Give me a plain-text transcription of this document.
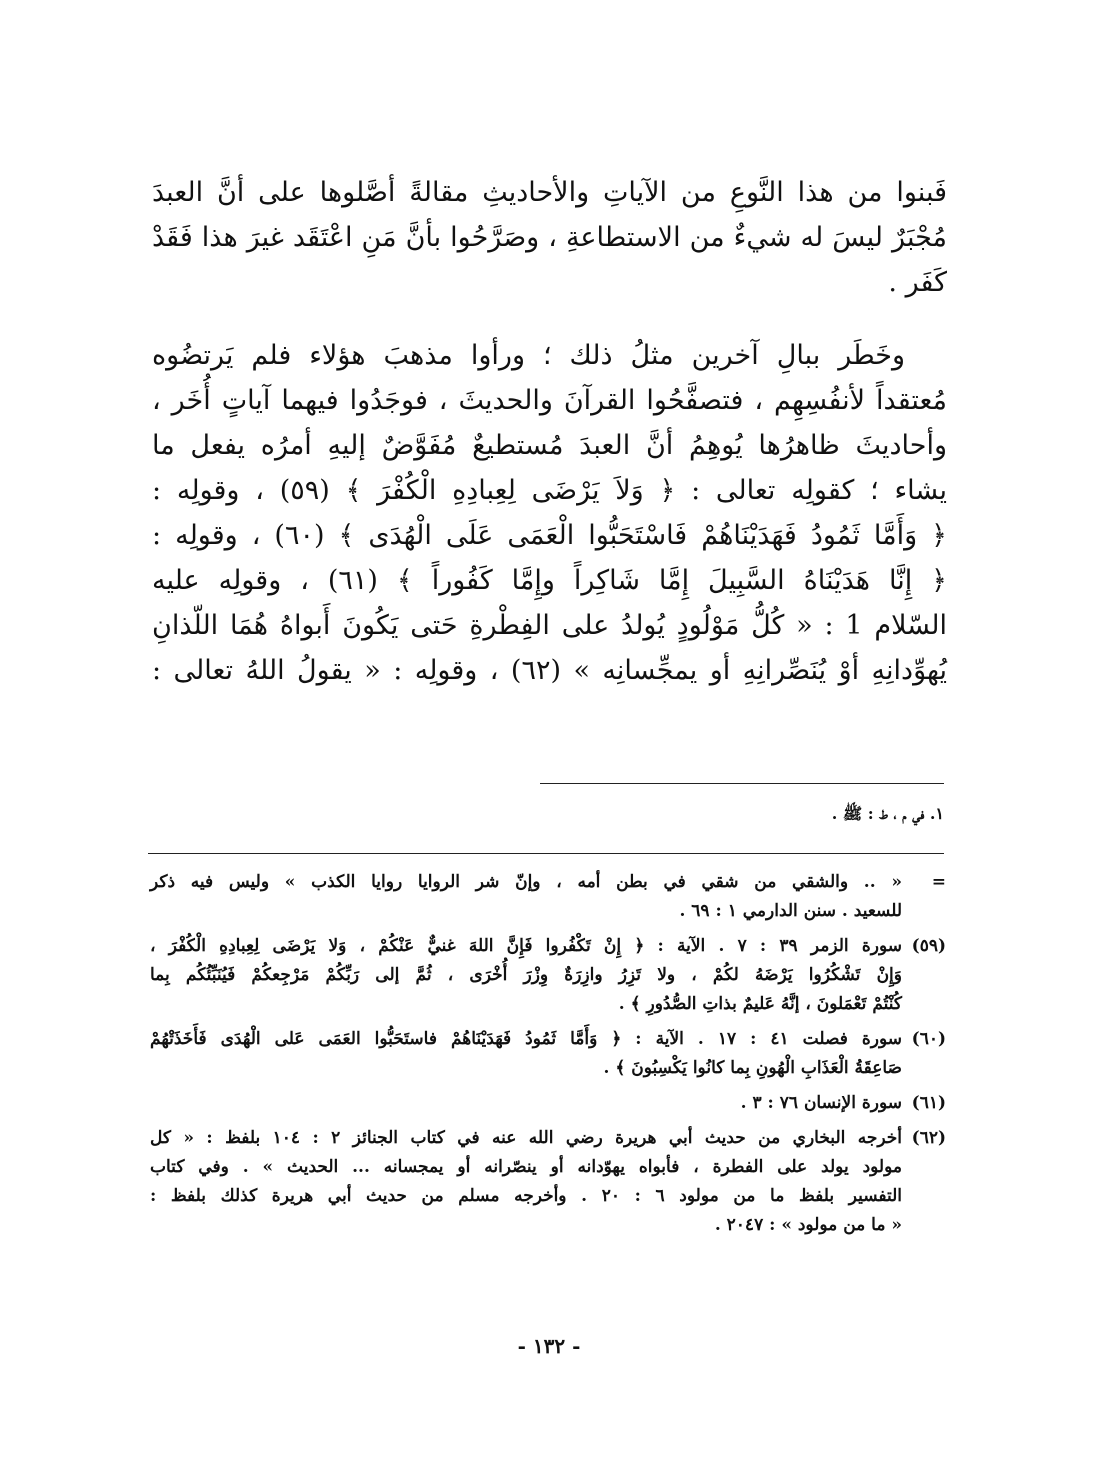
فَبنوا من هذا النَّوعِ من الآياتِ والأحاديثِ مقالةً أصَّلوها على أنَّ العبدَ
مُجْبَرٌ ليسَ له شيءٌ من الاستطاعةِ ، وصَرَّحُوا بأنَّ مَنِ اعْتَقَد غيرَ هذا فَقَدْ
كَفَر .
وخَطَر ببالِ آخرين مثلُ ذلك ؛ ورأوا مذهبَ هؤلاء فلم يَرتضُوه
مُعتقداً لأنفُسِهِم ، فتصفَّحُوا القرآنَ والحديثَ ، فوجَدُوا فيهما آياتٍ أُخَر ،
وأحاديثَ ظاهرُها يُوهِمُ أنَّ العبدَ مُستطيعٌ مُفَوَّضٌ إليهِ أمرُه يفعل ما
يشاء ؛ كقولِه تعالى : ﴿ وَلاَ يَرْضَى لِعِبادِهِ الْكُفْرَ ﴾ (٥٩) ، وقولِه :
﴿ وَأَمَّا ثَمُودُ فَهَدَيْنَاهُمْ فَاسْتَحَبُّوا الْعَمَى عَلَى الْهُدَى ﴾ (٦٠) ، وقولِه :
﴿ إِنَّا هَدَيْنَاهُ السَّبِيلَ إِمَّا شَاكِراً وإِمَّا كَفُوراً ﴾ (٦١) ، وقولِه عليه
السّلام 1 : « كُلُّ مَوْلُودٍ يُولدُ على الفِطْرةِ حَتى يَكُونَ أَبواهُ هُمَا اللّذانِ
يُهوِّدانِهِ أوْ يُنَصِّرانِهِ أو يمجِّسانِه » (٦٢) ، وقولِه : « يقولُ اللهُ تعالى :
١. في م ، ط : ﷺ .
=
« .. والشقي من شقي في بطن أمه ، وإنّ شر الروايا روايا الكذب » وليس فيه ذكر
للسعيد . سنن الدارمي ١ : ٦٩ .
(٥٩)
سورة الزمر ٣٩ : ٧ . الآية : ﴿ إِنْ تَكْفُروا فَإِنَّ اللهَ غنيٌّ عَنْكُمْ ، وَلا يَرْضَى لِعِبادِهِ الْكُفْرَ ،
وَإِنْ تَشْكُرُوا يَرْضَهُ لكُمْ ، ولا تَزِرُ وازِرَةٌ وِزْرَ أُخْرَى ، ثُمَّ إلى رَبِّكُمْ مَرْجِعكُمْ فَيُنَبِّئُكُم بِما
كُنْتُمْ تَعْمَلونَ ، إنَّهُ عَليمٌ بذاتِ الصُّدُورِ ﴾ .
(٦٠)
سورة فصلت ٤١ : ١٧ . الآية : ﴿ وَأَمَّا ثَمُودُ فَهَدَيْنَاهُمْ فاستَحَبُّوا العَمَى عَلى الْهُدَى فَأَخَذَتْهُمْ
صَاعِقَةُ الْعَذَابِ الْهُونِ بِما كانُوا يَكْسِبُونَ ﴾ .
(٦١)
سورة الإنسان ٧٦ : ٣ .
(٦٢)
أخرجه البخاري من حديث أبي هريرة رضي الله عنه في كتاب الجنائز ٢ : ١٠٤ بلفظ : « كل
مولود يولد على الفطرة ، فأبواه يهوّدانه أو ينصّرانه أو يمجسانه ... الحديث » . وفي كتاب
التفسير بلفظ ما من مولود ٦ : ٢٠ . وأخرجه مسلم من حديث أبي هريرة كذلك بلفظ :
« ما من مولود » : ٢٠٤٧ .
- ١٣٢ -
